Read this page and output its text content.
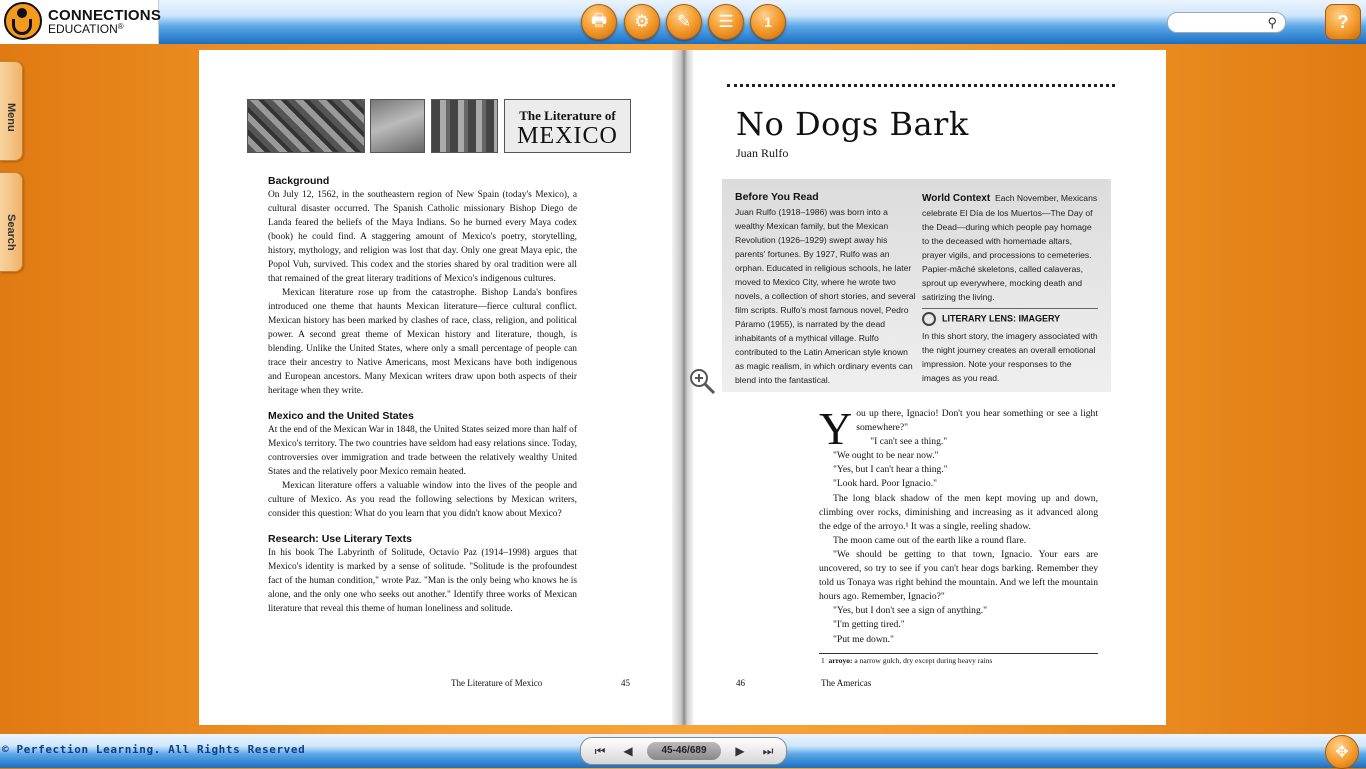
CONNECTIONS
EDUCATION®	🖶 ⚙ ✎ ☰ 1	⚲	?
Menu
Search
The Literature of
MEXICO
Background

On July 12, 1562, in the southeastern region of New Spain (today's Mexico), a cultural disaster occurred. The Spanish Catholic missionary Bishop Diego de Landa feared the beliefs of the Maya Indians. So he burned every Maya codex (book) he could find. A staggering amount of Mexico's poetry, storytelling, history, mythology, and religion was lost that day. Only one great Maya epic, the Popol Vuh, survived. This codex and the stories shared by oral tradition were all that remained of the great literary traditions of Mexico's indigenous cultures.

Mexican literature rose up from the catastrophe. Bishop Landa's bonfires introduced one theme that haunts Mexican literature—fierce cultural conflict. Mexican history has been marked by clashes of race, class, religion, and political power. A second great theme of Mexican history and literature, though, is blending. Unlike the United States, where only a small percentage of people can trace their ancestry to Native Americans, most Mexicans have both indigenous and European ancestors. Many Mexican writers draw upon both aspects of their heritage when they write.

Mexico and the United States

At the end of the Mexican War in 1848, the United States seized more than half of Mexico's territory. The two countries have seldom had easy relations since. Today, controversies over immigration and trade between the relatively wealthy United States and the relatively poor Mexico remain heated.

Mexican literature offers a valuable window into the lives of the people and culture of Mexico. As you read the following selections by Mexican writers, consider this question: What do you learn that you didn't know about Mexico?

Research: Use Literary Texts

In his book The Labyrinth of Solitude, Octavio Paz (1914–1998) argues that Mexico's identity is marked by a sense of solitude. "Solitude is the profoundest fact of the human condition," wrote Paz. "Man is the only being who knows he is alone, and the only one who seeks out another." Identify three works of Mexican literature that reveal this theme of human loneliness and solitude.

The Literature of Mexico	45
No Dogs Bark
Juan Rulfo
Before You Read
Juan Rulfo (1918–1986) was born into a wealthy Mexican family, but the Mexican Revolution (1926–1929) swept away his parents' fortunes. By 1927, Rulfo was an orphan. Educated in religious schools, he later moved to Mexico City, where he wrote two novels, a collection of short stories, and several film scripts. Rulfo's most famous novel, Pedro Páramo (1955), is narrated by the dead inhabitants of a mythical village. Rulfo contributed to the Latin American style known as magic realism, in which ordinary events can blend into the fantastical.
World Context Each November, Mexicans celebrate El Día de los Muertos—The Day of the Dead—during which people pay homage to the deceased with homemade altars, prayer vigils, and processions to cemeteries. Papier-mâché skeletons, called calaveras, sprout up everywhere, mocking death and satirizing the living.
LITERARY LENS: IMAGERY
In this short story, the imagery associated with the night journey creates an overall emotional impression. Note your responses to the images as you read.

You up there, Ignacio! Don't you hear something or see a light somewhere?"

"I can't see a thing."

"We ought to be near now."

"Yes, but I can't hear a thing."

"Look hard. Poor Ignacio."

The long black shadow of the men kept moving up and down, climbing over rocks, diminishing and increasing as it advanced along the edge of the arroyo.¹ It was a single, reeling shadow.

The moon came out of the earth like a round flare.

"We should be getting to that town, Ignacio. Your ears are uncovered, so try to see if you can't hear dogs barking. Remember they told us Tonaya was right behind the mountain. And we left the mountain hours ago. Remember, Ignacio?"

"Yes, but I don't see a sign of anything."

"I'm getting tired."

"Put me down."

1 arroyo: a narrow gulch, dry except during heavy rains
46	The Americas
© Perfection Learning. All Rights Reserved	⏮ ◀	45-46/689	▶ ⏭	✥
